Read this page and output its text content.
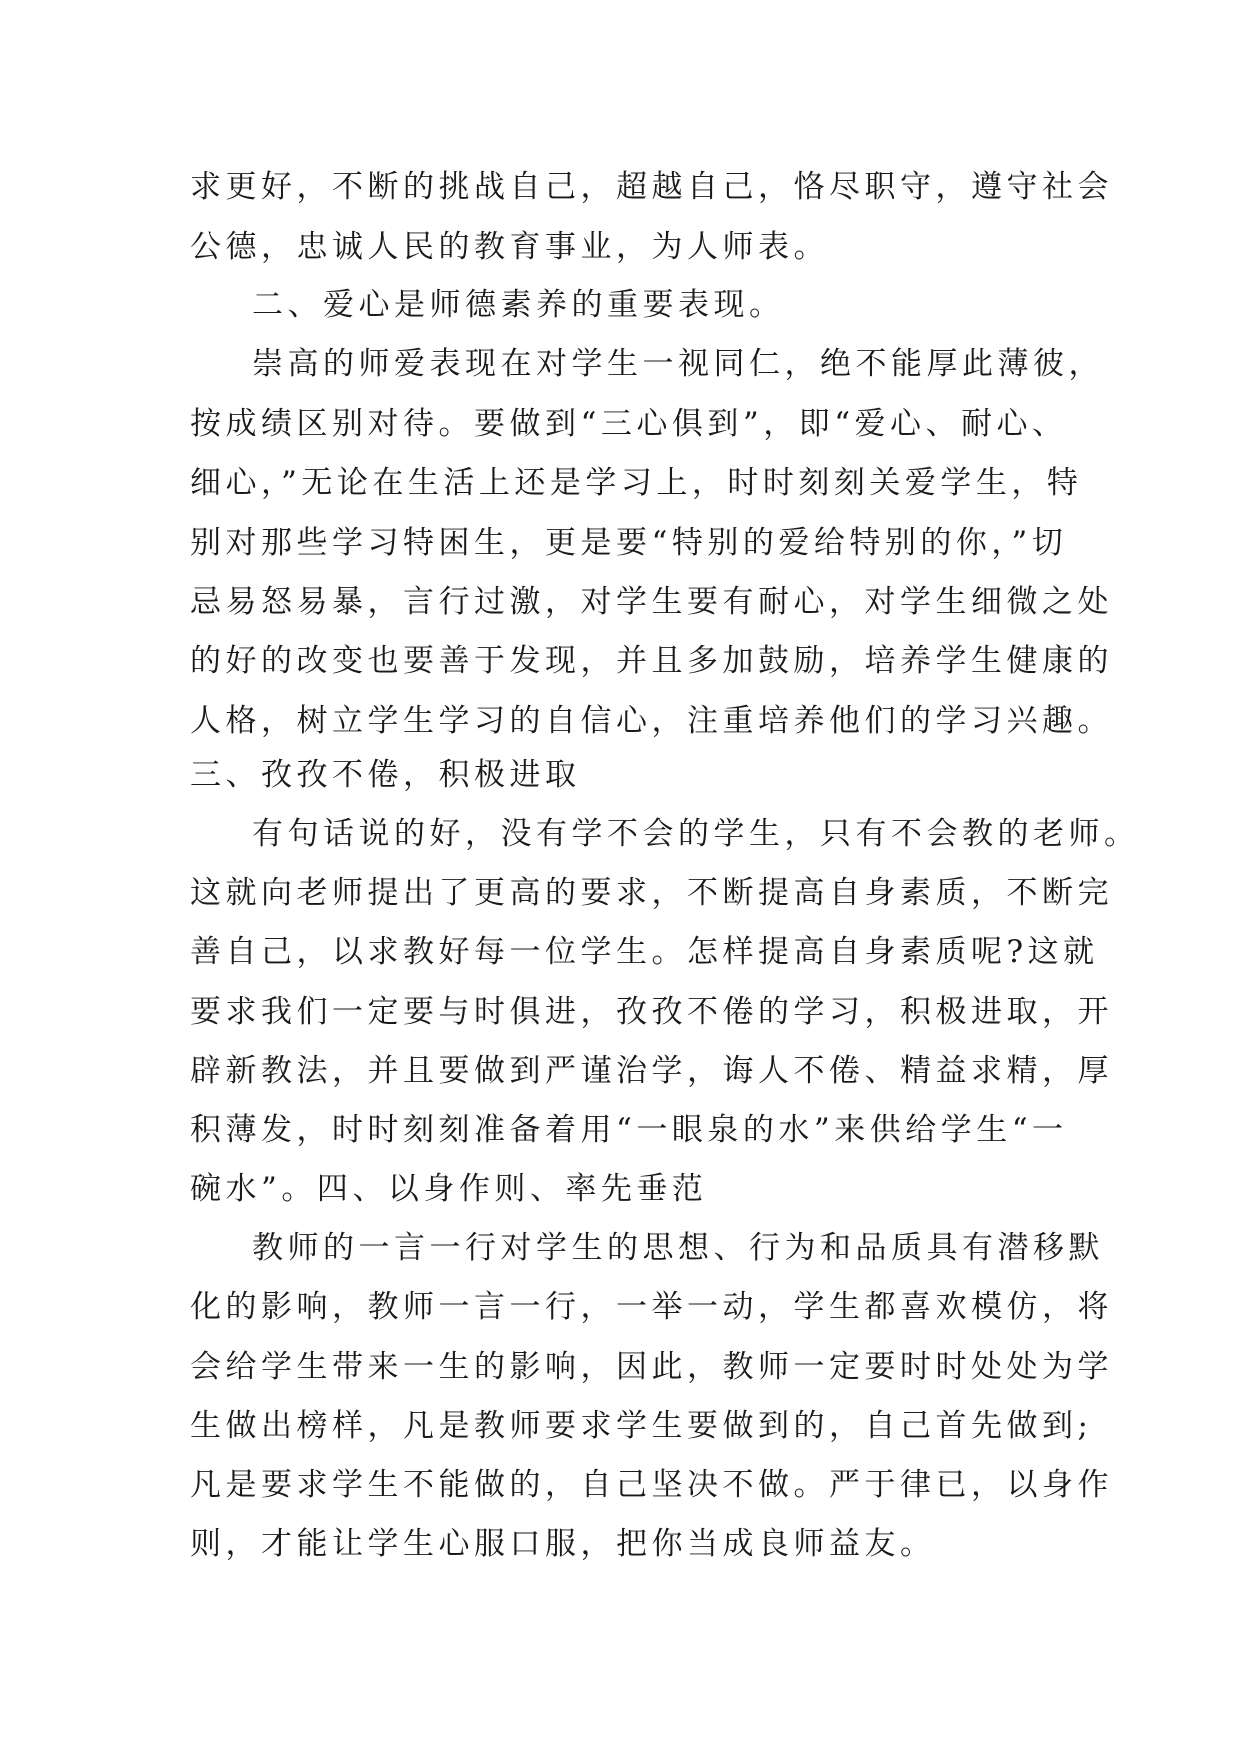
求更好，不断的挑战自己，超越自己，恪尽职守，遵守社会
公德，忠诚人民的教育事业，为人师表。
二、爱心是师德素养的重要表现。
崇高的师爱表现在对学生一视同仁，绝不能厚此薄彼，
按成绩区别对待。要做到“三心俱到”，即“爱心、耐心、
细心，”无论在生活上还是学习上，时时刻刻关爱学生，特
别对那些学习特困生，更是要“特别的爱给特别的你，”切
忌易怒易暴，言行过激，对学生要有耐心，对学生细微之处
的好的改变也要善于发现，并且多加鼓励，培养学生健康的
人格，树立学生学习的自信心，注重培养他们的学习兴趣。
三、孜孜不倦，积极进取
有句话说的好，没有学不会的学生，只有不会教的老师。
这就向老师提出了更高的要求，不断提高自身素质，不断完
善自己，以求教好每一位学生。怎样提高自身素质呢?这就
要求我们一定要与时俱进，孜孜不倦的学习，积极进取，开
辟新教法，并且要做到严谨治学，诲人不倦、精益求精，厚
积薄发，时时刻刻准备着用“一眼泉的水”来供给学生“一
碗水”。四、以身作则、率先垂范
教师的一言一行对学生的思想、行为和品质具有潜移默
化的影响，教师一言一行，一举一动，学生都喜欢模仿，将
会给学生带来一生的影响，因此，教师一定要时时处处为学
生做出榜样，凡是教师要求学生要做到的，自己首先做到;
凡是要求学生不能做的，自己坚决不做。严于律已，以身作
则，才能让学生心服口服，把你当成良师益友。
